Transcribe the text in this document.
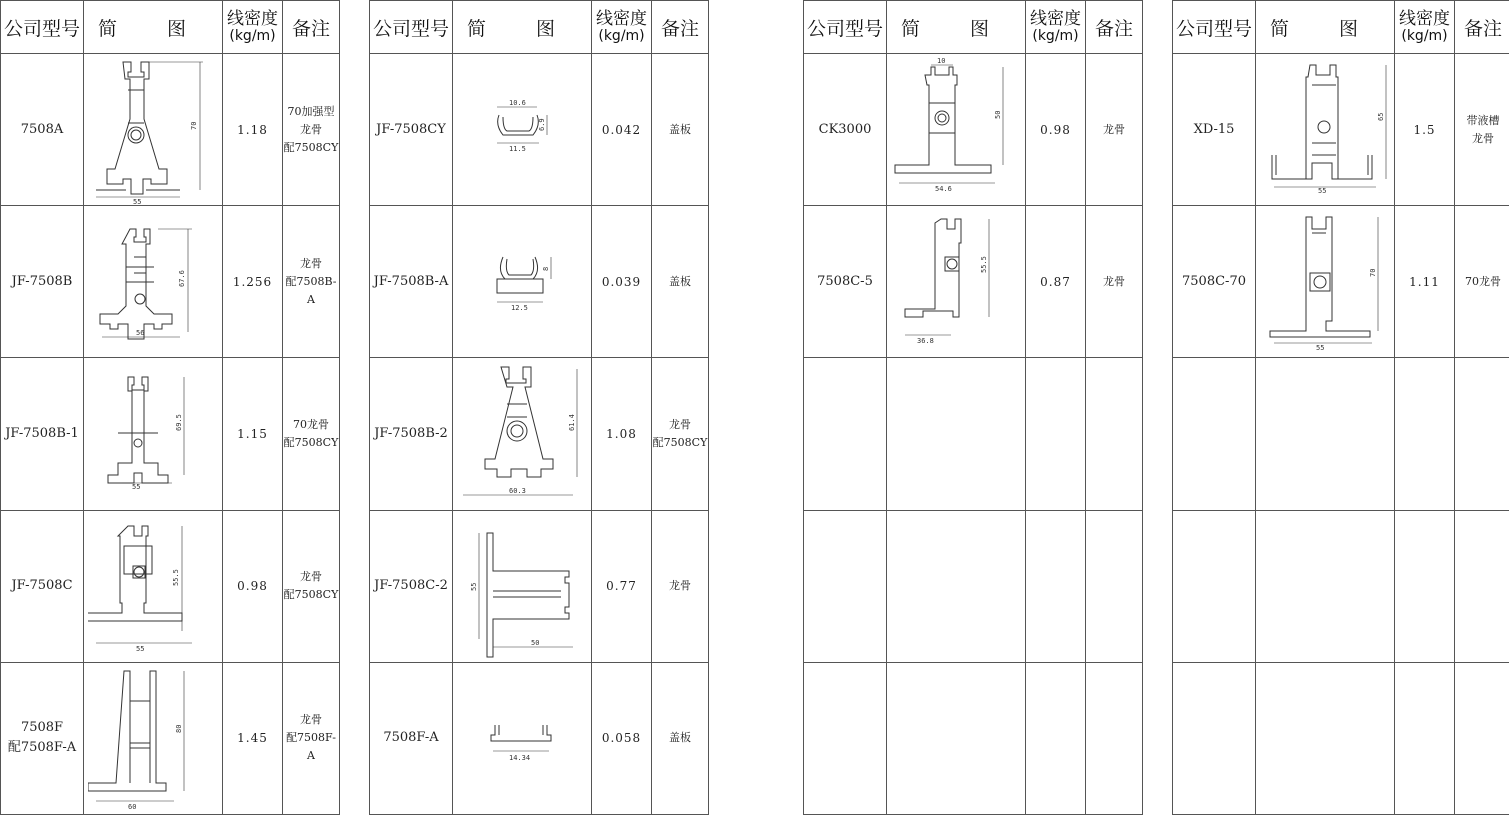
公司型号	简 图	线密度
(kg/m)	备注

7508A	55
70	1.18	70加强型
龙骨
配7508CY

JF-7508B	56
67.6	1.256	龙骨
配7508B-A

JF-7508B-1	55
69.5	1.15	70龙骨
配7508CY

JF-7508C	55
55.5	0.98	龙骨
配7508CY

7508F
配7508F-A	60
80	1.45	龙骨
配7508F-A
公司型号	简 图	线密度
(kg/m)	备注

JF-7508CY	10.6
11.5
6.9	0.042	盖板

JF-7508B-A	12.5
8	0.039	盖板

JF-7508B-2	60.3
61.4	1.08	龙骨
配7508CY

JF-7508C-2	50
55	0.77	龙骨

7508F-A	14.34	0.058	盖板
公司型号	简 图	线密度
(kg/m)	备注

CK3000	10
54.6
50	0.98	龙骨

7508C-5	36.8
55.5	0.87	龙骨

公司型号	简 图	线密度
(kg/m)	备注

XD-15	55
65	1.5	带液槽
龙骨

7508C-70	55
70	1.11	70龙骨
